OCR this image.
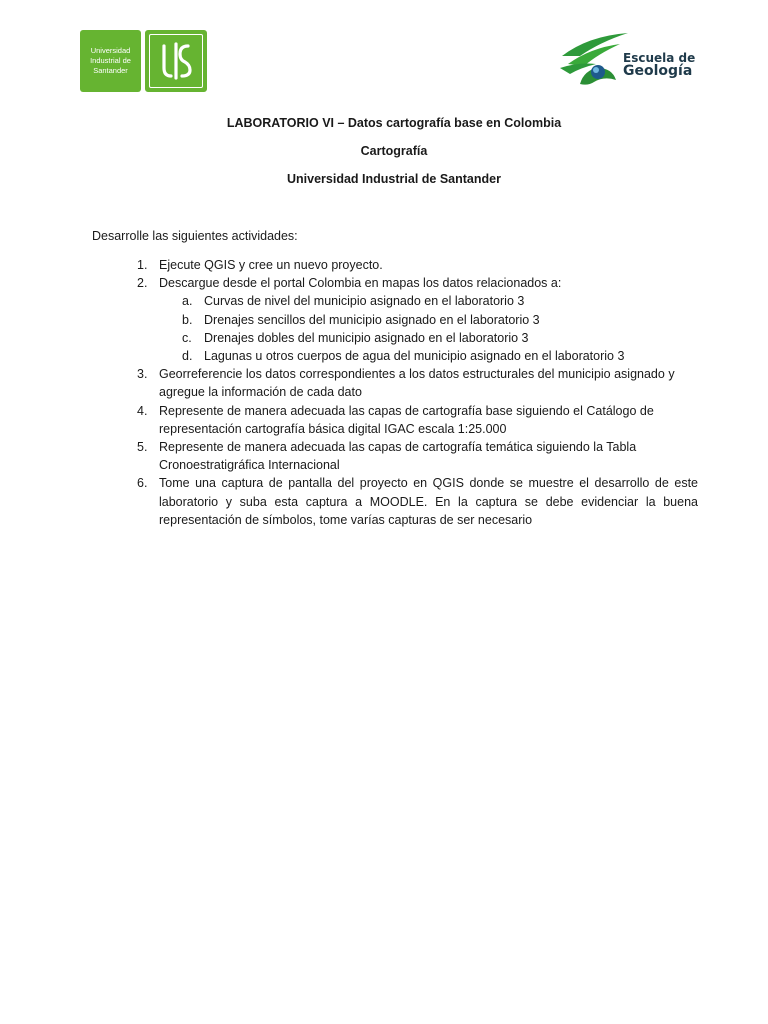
Universidad
Industrial de
Santander
Escuela de
Geología
LABORATORIO VI – Datos cartografía base en Colombia
Cartografía
Universidad Industrial de Santander
Desarrolle las siguientes actividades:
1. Ejecute QGIS y cree un nuevo proyecto.
2. Descargue desde el portal Colombia en mapas los datos relacionados a:
a. Curvas de nivel del municipio asignado en el laboratorio 3
b. Drenajes sencillos del municipio asignado en el laboratorio 3
c. Drenajes dobles del municipio asignado en el laboratorio 3
d. Lagunas u otros cuerpos de agua del municipio asignado en el laboratorio 3
3. Georreferencie los datos correspondientes a los datos estructurales del municipio asignado y agregue la información de cada dato
4. Represente de manera adecuada las capas de cartografía base siguiendo el Catálogo de representación cartografía básica digital IGAC escala 1:25.000
5. Represente de manera adecuada las capas de cartografía temática siguiendo la Tabla Cronoestratigráfica Internacional
6. Tome una captura de pantalla del proyecto en QGIS donde se muestre el desarrollo de este laboratorio y suba esta captura a MOODLE. En la captura se debe evidenciar la buena representación de símbolos, tome varías capturas de ser necesario
